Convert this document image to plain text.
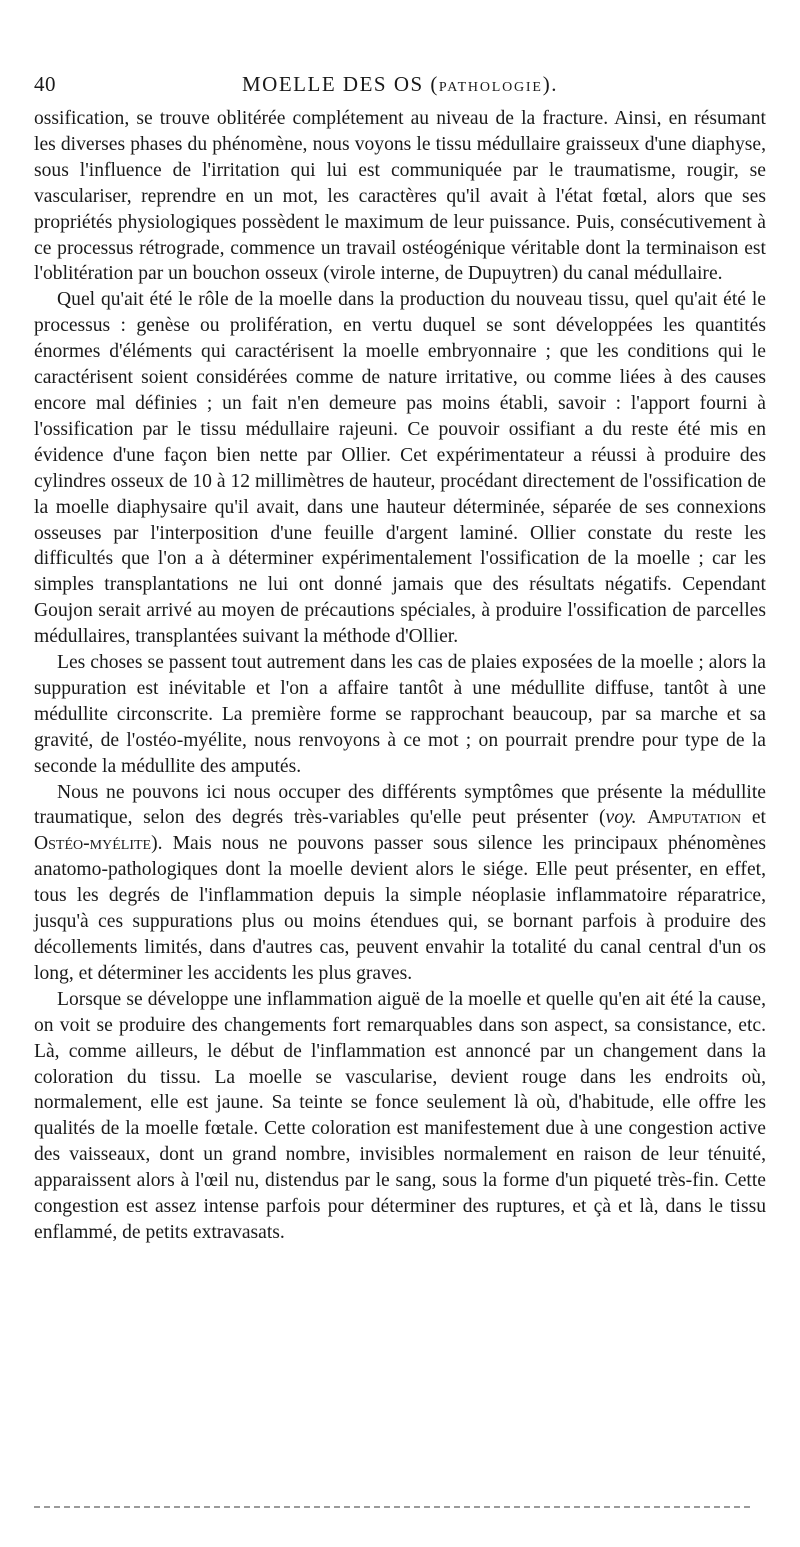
40	MOELLE DES OS (PATHOLOGIE).

ossification, se trouve oblitérée complétement au niveau de la fracture. Ainsi, en résumant les diverses phases du phénomène, nous voyons le tissu médullaire graisseux d'une diaphyse, sous l'influence de l'irritation qui lui est communiquée par le traumatisme, rougir, se vasculariser, reprendre en un mot, les caractères qu'il avait à l'état fœtal, alors que ses propriétés physiologiques possèdent le maximum de leur puissance. Puis, consécutivement à ce processus rétrograde, commence un travail ostéogénique véritable dont la terminaison est l'oblitération par un bouchon osseux (virole interne, de Dupuytren) du canal médullaire.

Quel qu'ait été le rôle de la moelle dans la production du nouveau tissu, quel qu'ait été le processus : genèse ou prolifération, en vertu duquel se sont développées les quantités énormes d'éléments qui caractérisent la moelle embryonnaire ; que les conditions qui le caractérisent soient considérées comme de nature irritative, ou comme liées à des causes encore mal définies ; un fait n'en demeure pas moins établi, savoir : l'apport fourni à l'ossification par le tissu médullaire rajeuni. Ce pouvoir ossifiant a du reste été mis en évidence d'une façon bien nette par Ollier. Cet expérimentateur a réussi à produire des cylindres osseux de 10 à 12 millimètres de hauteur, procédant directement de l'ossification de la moelle diaphysaire qu'il avait, dans une hauteur déterminée, séparée de ses connexions osseuses par l'interposition d'une feuille d'argent laminé. Ollier constate du reste les difficultés que l'on a à déterminer expérimentalement l'ossification de la moelle ; car les simples transplantations ne lui ont donné jamais que des résultats négatifs. Cependant Goujon serait arrivé au moyen de précautions spéciales, à produire l'ossification de parcelles médullaires, transplantées suivant la méthode d'Ollier.

Les choses se passent tout autrement dans les cas de plaies exposées de la moelle ; alors la suppuration est inévitable et l'on a affaire tantôt à une médullite diffuse, tantôt à une médullite circonscrite. La première forme se rapprochant beaucoup, par sa marche et sa gravité, de l'ostéo-myélite, nous renvoyons à ce mot ; on pourrait prendre pour type de la seconde la médullite des amputés.

Nous ne pouvons ici nous occuper des différents symptômes que présente la médullite traumatique, selon des degrés très-variables qu'elle peut présenter (voy. Amputation et Ostéo-myélite). Mais nous ne pouvons passer sous silence les principaux phénomènes anatomo-pathologiques dont la moelle devient alors le siége. Elle peut présenter, en effet, tous les degrés de l'inflammation depuis la simple néoplasie inflammatoire réparatrice, jusqu'à ces suppurations plus ou moins étendues qui, se bornant parfois à produire des décollements limités, dans d'autres cas, peuvent envahir la totalité du canal central d'un os long, et déterminer les accidents les plus graves.

Lorsque se développe une inflammation aiguë de la moelle et quelle qu'en ait été la cause, on voit se produire des changements fort remarquables dans son aspect, sa consistance, etc. Là, comme ailleurs, le début de l'inflammation est annoncé par un changement dans la coloration du tissu. La moelle se vascularise, devient rouge dans les endroits où, normalement, elle est jaune. Sa teinte se fonce seulement là où, d'habitude, elle offre les qualités de la moelle fœtale. Cette coloration est manifestement due à une congestion active des vaisseaux, dont un grand nombre, invisibles normalement en raison de leur ténuité, apparaissent alors à l'œil nu, distendus par le sang, sous la forme d'un piqueté très-fin. Cette congestion est assez intense parfois pour déterminer des ruptures, et çà et là, dans le tissu enflammé, de petits extravasats.
